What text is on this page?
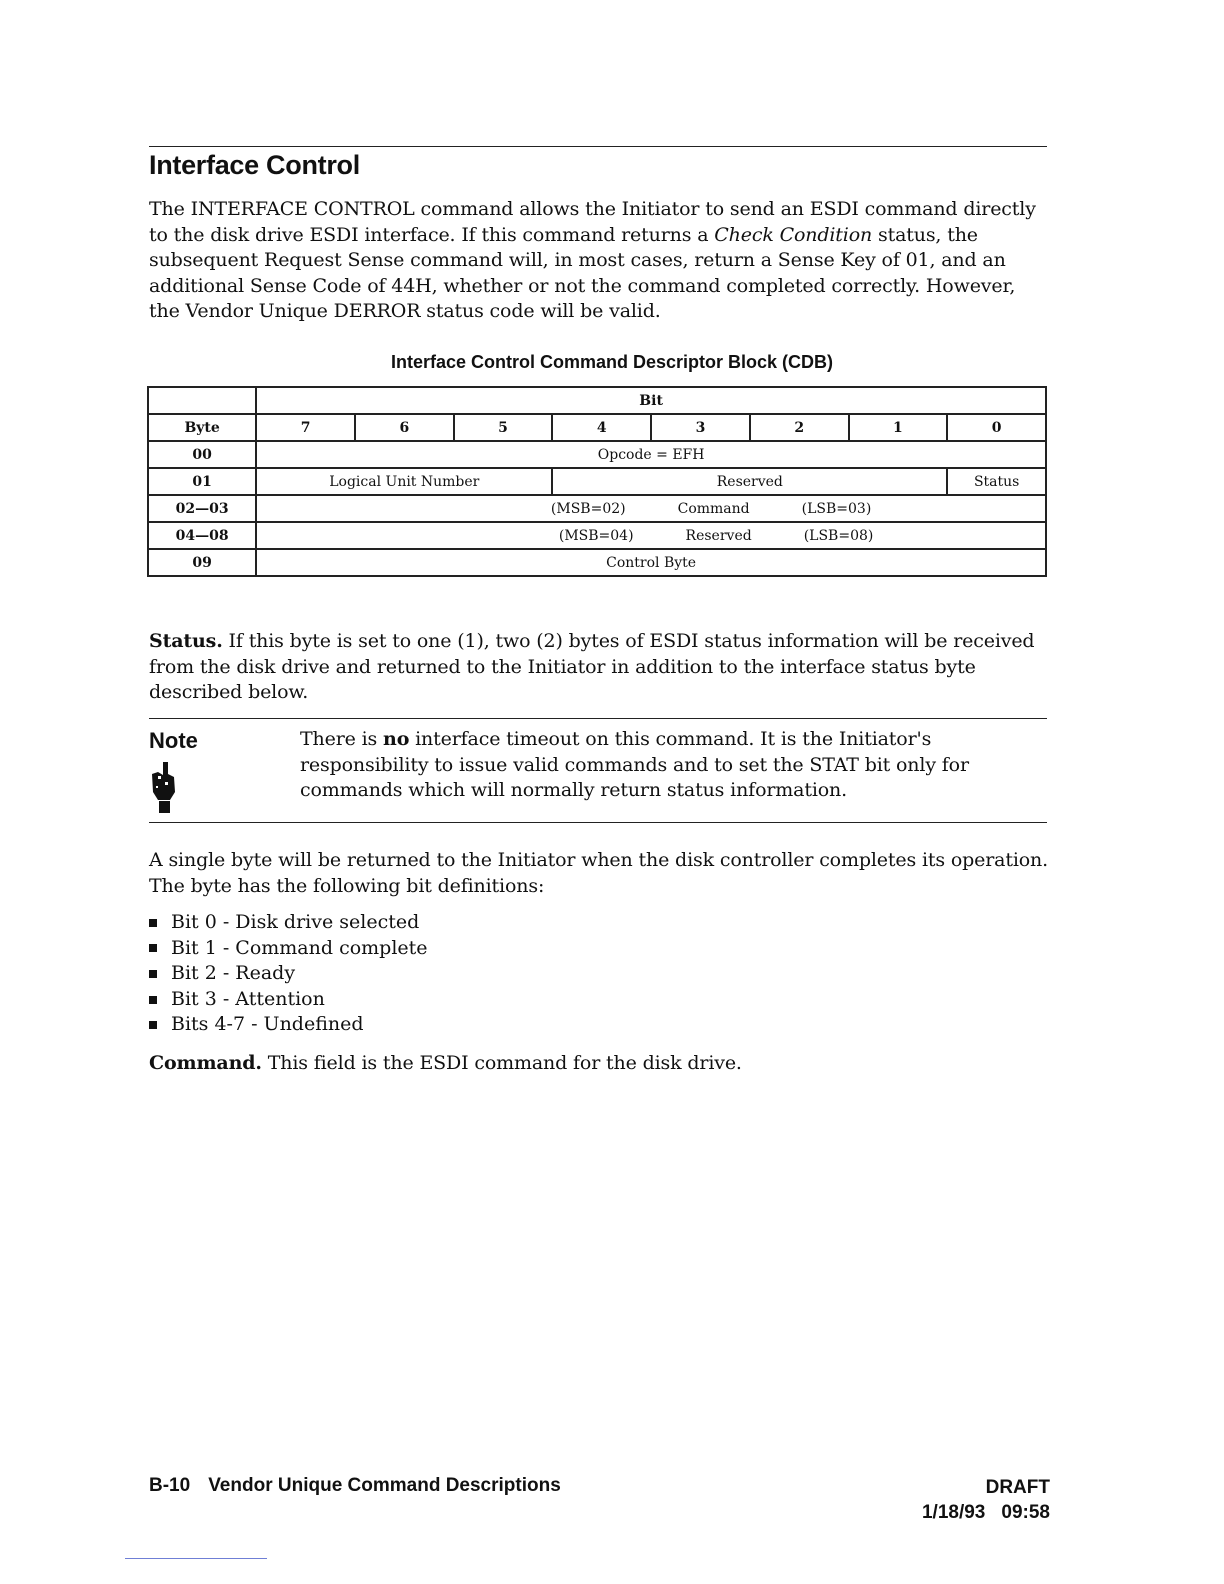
Interface Control

The INTERFACE CONTROL command allows the Initiator to send an ESDI command directly to the disk drive ESDI interface. If this command returns a Check Condition status, the subsequent Request Sense command will, in most cases, return a Sense Key of 01, and an additional Sense Code of 44H, whether or not the command completed correctly. However, the Vendor Unique DERROR status code will be valid.

Interface Control Command Descriptor Block (CDB)
	Bit							
Byte	7	6	5	4	3	2	1	0
00	Opcode = EFH							
01	Logical Unit Number			Reserved				Status
02—03	(MSB=02) Command (LSB=03)							
04—08	(MSB=04) Reserved (LSB=08)							
09	Control Byte							

Status. If this byte is set to one (1), two (2) bytes of ESDI status information will be received from the disk drive and returned to the Initiator in addition to the interface status byte described below.

Note	There is no interface timeout on this command. It is the Initiator's responsibility to issue valid commands and to set the STAT bit only for commands which will normally return status information.

A single byte will be returned to the Initiator when the disk controller completes its operation. The byte has the following bit definitions:

Bit 0 - Disk drive selected
Bit 1 - Command complete
Bit 2 - Ready
Bit 3 - Attention
Bits 4-7 - Undefined

Command. This field is the ESDI command for the disk drive.

B-10 Vendor Unique Command Descriptions	DRAFT
1/18/93 09:58
